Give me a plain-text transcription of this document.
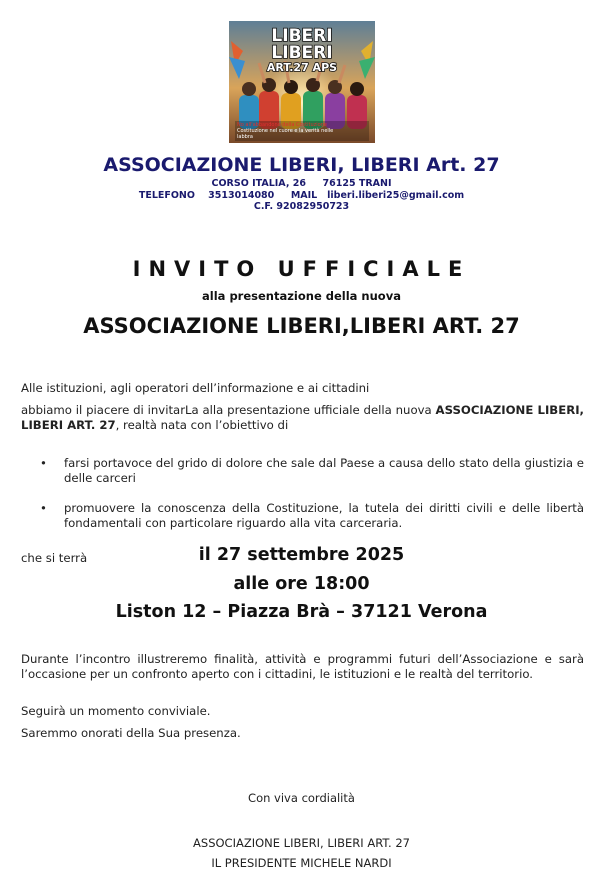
LIBERI
LIBERI
ART.27 APS
No all'abbandono della Costituzione
Costituzione nel cuore e la verità nelle
labbra
ASSOCIAZIONE LIBERI, LIBERI Art. 27
CORSO ITALIA, 26     76125 TRANI
TELEFONO    3513014080     MAIL   liberi.liberi25@gmail.com
C.F. 92082950723
INVITO UFFICIALE
alla presentazione della nuova
ASSOCIAZIONE LIBERI,LIBERI ART. 27
Alle istituzioni, agli operatori dell’informazione e ai cittadini
abbiamo il piacere di invitarLa alla presentazione ufficiale della nuova ASSOCIAZIONE LIBERI, LIBERI ART. 27, realtà nata con l’obiettivo di
• farsi portavoce del grido di dolore che sale dal Paese a causa dello stato della giustizia e delle carceri
• promuovere la conoscenza della Costituzione, la tutela dei diritti civili e delle libertà fondamentali con particolare riguardo alla vita carceraria.
che si terrà	il 27 settembre 2025
alle ore 18:00
Liston 12 – Piazza Brà – 37121 Verona
Durante l’incontro illustreremo finalità, attività e programmi futuri dell’Associazione e sarà l’occasione per un confronto aperto con i cittadini, le istituzioni e le realtà del territorio.
Seguirà un momento conviviale.
Saremmo onorati della Sua presenza.
Con viva cordialità
ASSOCIAZIONE LIBERI, LIBERI ART. 27
IL PRESIDENTE MICHELE NARDI
